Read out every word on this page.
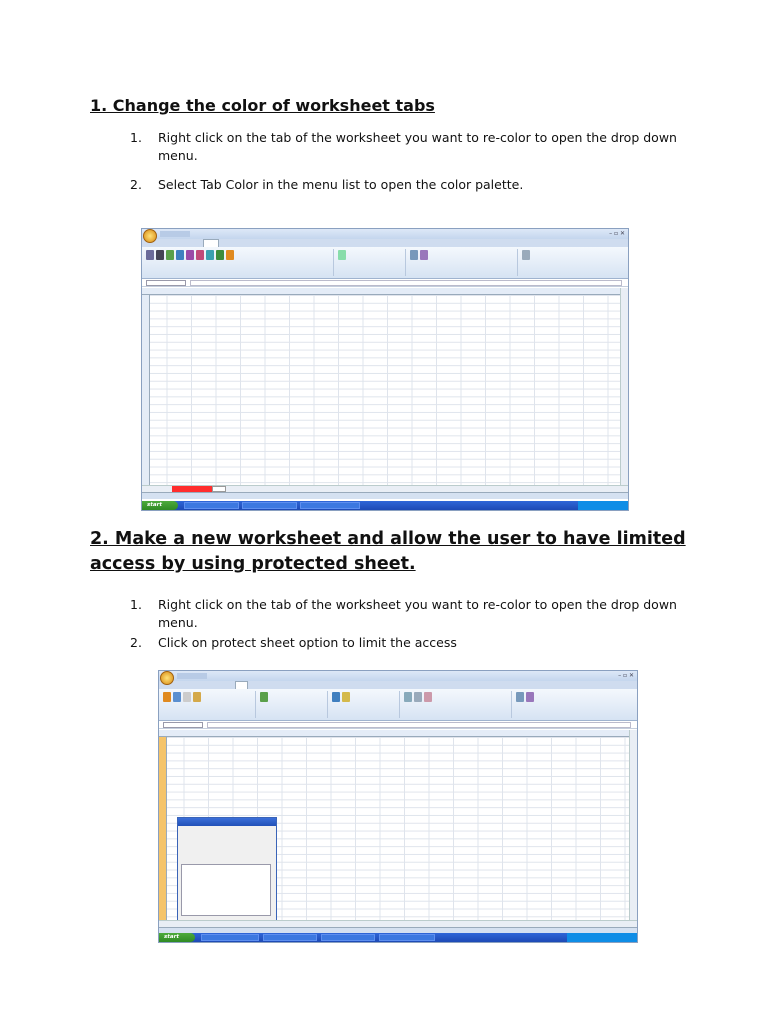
1. Change the color of worksheet tabs
1. Right click on the tab of the worksheet you want to re-color to open the drop down menu.
2. Select Tab Color in the menu list to open the color palette.
– ▫ ✕

start
2. Make a new worksheet and allow the user to have limited access by using protected sheet.
1. Right click on the tab of the worksheet you want to re-color to open the drop down menu.
2. Click on protect sheet option to limit the access
– ▫ ✕

start
